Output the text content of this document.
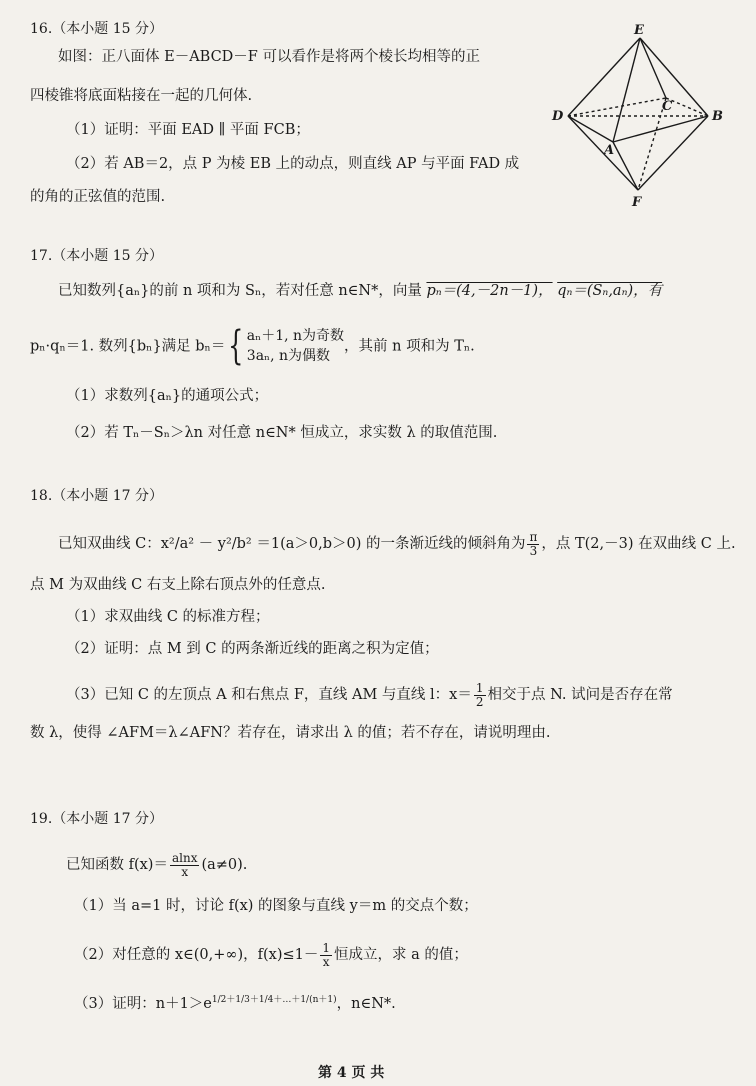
16.（本小题 15 分）
如图：正八面体 E－ABCD－F 可以看作是将两个棱长均相等的正
四棱锥将底面粘接在一起的几何体.
（1）证明：平面 EAD ∥ 平面 FCB；
（2）若 AB＝2，点 P 为棱 EB 上的动点，则直线 AP 与平面 FAD 成
的角的正弦值的范围.
E
C
D	B
A
F
17.（本小题 15 分）
已知数列{aₙ}的前 n 项和为 Sₙ，若对任意 n∈N*，向量 pₙ＝(4,－2n－1)， qₙ＝(Sₙ,aₙ)，有
pₙ·qₙ＝1. 数列{bₙ}满足 bₙ＝{ aₙ＋1, n为奇数
3aₙ, n为偶数
，其前 n 项和为 Tₙ.
（1）求数列{aₙ}的通项公式；
（2）若 Tₙ－Sₙ＞λn 对任意 n∈N* 恒成立，求实数 λ 的取值范围.
18.（本小题 17 分）
已知双曲线 C：x²/a² － y²/b² ＝1(a＞0,b＞0) 的一条渐近线的倾斜角为 $\frac{\pi}{3}$ ，点 T(2,－3) 在双曲线 C 上.
点 M 为双曲线 C 右支上除右顶点外的任意点.
（1）求双曲线 C 的标准方程；
（2）证明：点 M 到 C 的两条渐近线的距离之积为定值；
（3）已知 C 的左顶点 A 和右焦点 F，直线 AM 与直线 l：$x= \frac{1}{2}$ 相交于点 N. 试问是否存在常
数 λ，使得 ∠AFM＝λ∠AFN？若存在，请求出 λ 的值；若不存在，请说明理由.
19.（本小题 17 分）
已知函数 $f(x)= \frac{alnx}{x} (a\ne 0)$.
（1）当 a=1 时，讨论 f(x) 的图象与直线 y＝m 的交点个数；
（2）对任意的 x∈(0,+∞)，$f(x)\le 1- \frac{1}{x}$ 恒成立，求 a 的值；
（3）证明：$n+1>e^{1/2+1/3+1/4+\dots+1/(n+1)}$，n∈N*.
第 4 页 共
